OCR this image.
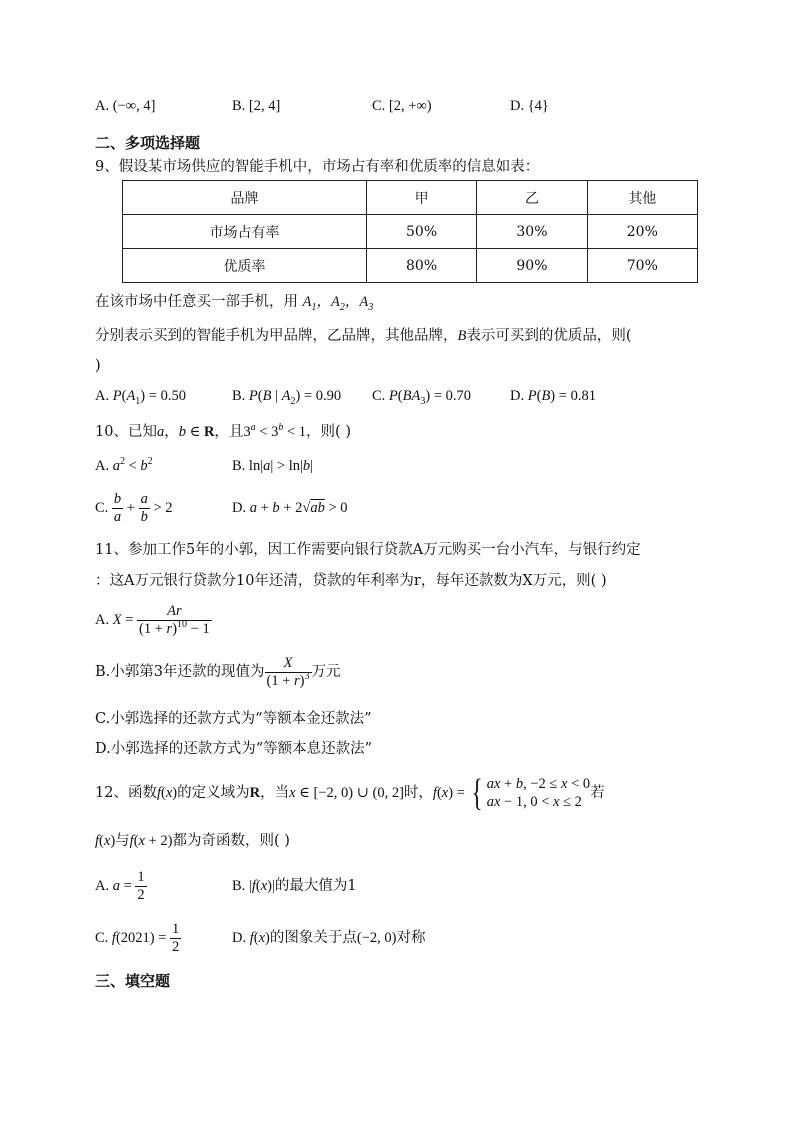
A. (−∞, 4]	B. [2, 4]	C. [2, +∞)	D. {4}
二、多项选择题
9、假设某市场供应的智能手机中，市场占有率和优质率的信息如表：
品牌	甲	乙	其他
市场占有率	50%	30%	20%
优质率	80%	90%	70%
在该市场中任意买一部手机，用 $A_1$，$A_2$，$A_3$
分别表示买到的智能手机为甲品牌，乙品牌，其他品牌，B表示可买到的优质品，则(
)
A. $P(A_1) = 0.50$	B. P(B | $A_2) = 0.90$ C. $P(BA_3) = 0.70$	D. P(B) = 0.81
10、已知a，b ∈ R，且$3^a < 3^b < 1$，则( )
A. $a^2 < b^2$	B. ln|a| > ln|b|
C. $\frac{b}{a} + \frac{a}{b} > 2$	D. a + b + 2√ab > 0
11、参加工作5年的小郭，因工作需要向银行贷款A万元购买一台小汽车，与银行约定
：这A万元银行贷款分10年还清，贷款的年利率为r，每年还款数为X万元，则( )
A. $X = \frac{Ar}{(1 + r)^{10} - 1}$
B.小郭第3年还款的现值为 $\frac{X}{(1 + r)^3}$ 万元
C.小郭选择的还款方式为“等额本金还款法”
D.小郭选择的还款方式为“等额本息还款法”
12、函数f(x)的定义域为R，当x ∈ [−2, 0) ∪ (0, 2]时，f(x) = { ax + b, −2 ≤ x < 0
ax − 1, 0 < x ≤ 2
若
f(x)与f(x + 2)都为奇函数，则( )
A. $a = \frac{1}{2}$	B. |f(x)|的最大值为1
C. $f(2021) = \frac{1}{2}$	D. f(x)的图象关于点(−2, 0)对称
三、填空题
